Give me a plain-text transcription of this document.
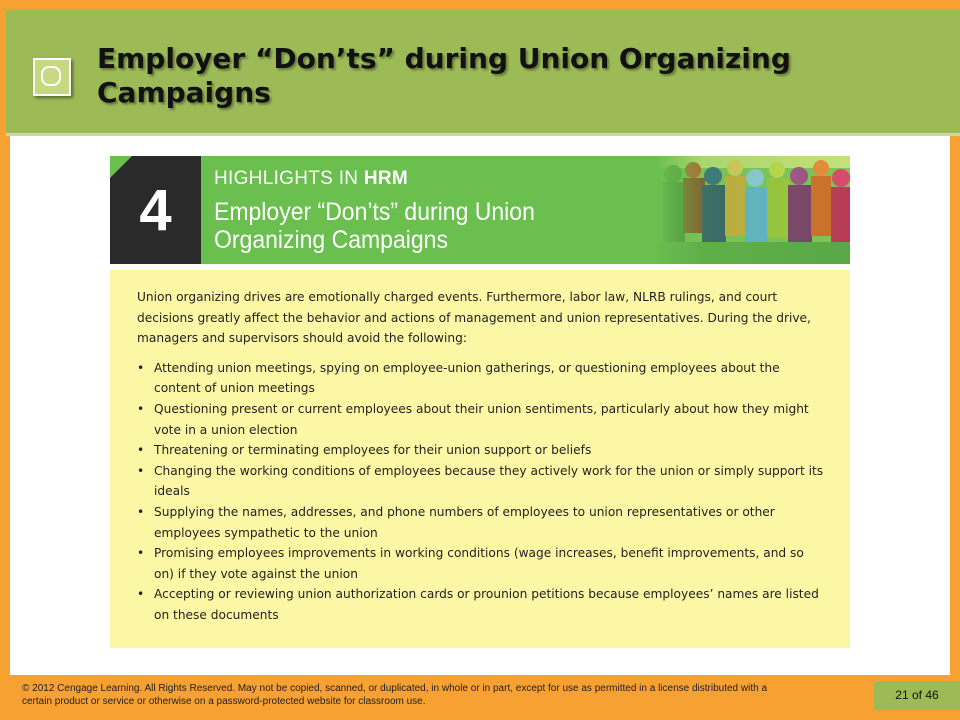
Employer “Don’ts” during Union Organizing Campaigns
4	HIGHLIGHTS IN HRM
Employer “Don’ts” during Union Organizing Campaigns

Union organizing drives are emotionally charged events. Furthermore, labor law, NLRB rulings, and court decisions greatly affect the behavior and actions of management and union representatives. During the drive, managers and supervisors should avoid the following:

• Attending union meetings, spying on employee-union gatherings, or questioning employees about the content of union meetings
• Questioning present or current employees about their union sentiments, particularly about how they might vote in a union election
• Threatening or terminating employees for their union support or beliefs
• Changing the working conditions of employees because they actively work for the union or simply support its ideals
• Supplying the names, addresses, and phone numbers of employees to union representatives or other employees sympathetic to the union
• Promising employees improvements in working conditions (wage increases, benefit improvements, and so on) if they vote against the union
• Accepting or reviewing union authorization cards or prounion petitions because employees’ names are listed on these documents

© 2012 Cengage Learning. All Rights Reserved. May not be copied, scanned, or duplicated, in whole or in part, except for use as permitted in a license distributed with a certain product or service or otherwise on a password-protected website for classroom use.	21 of 46
